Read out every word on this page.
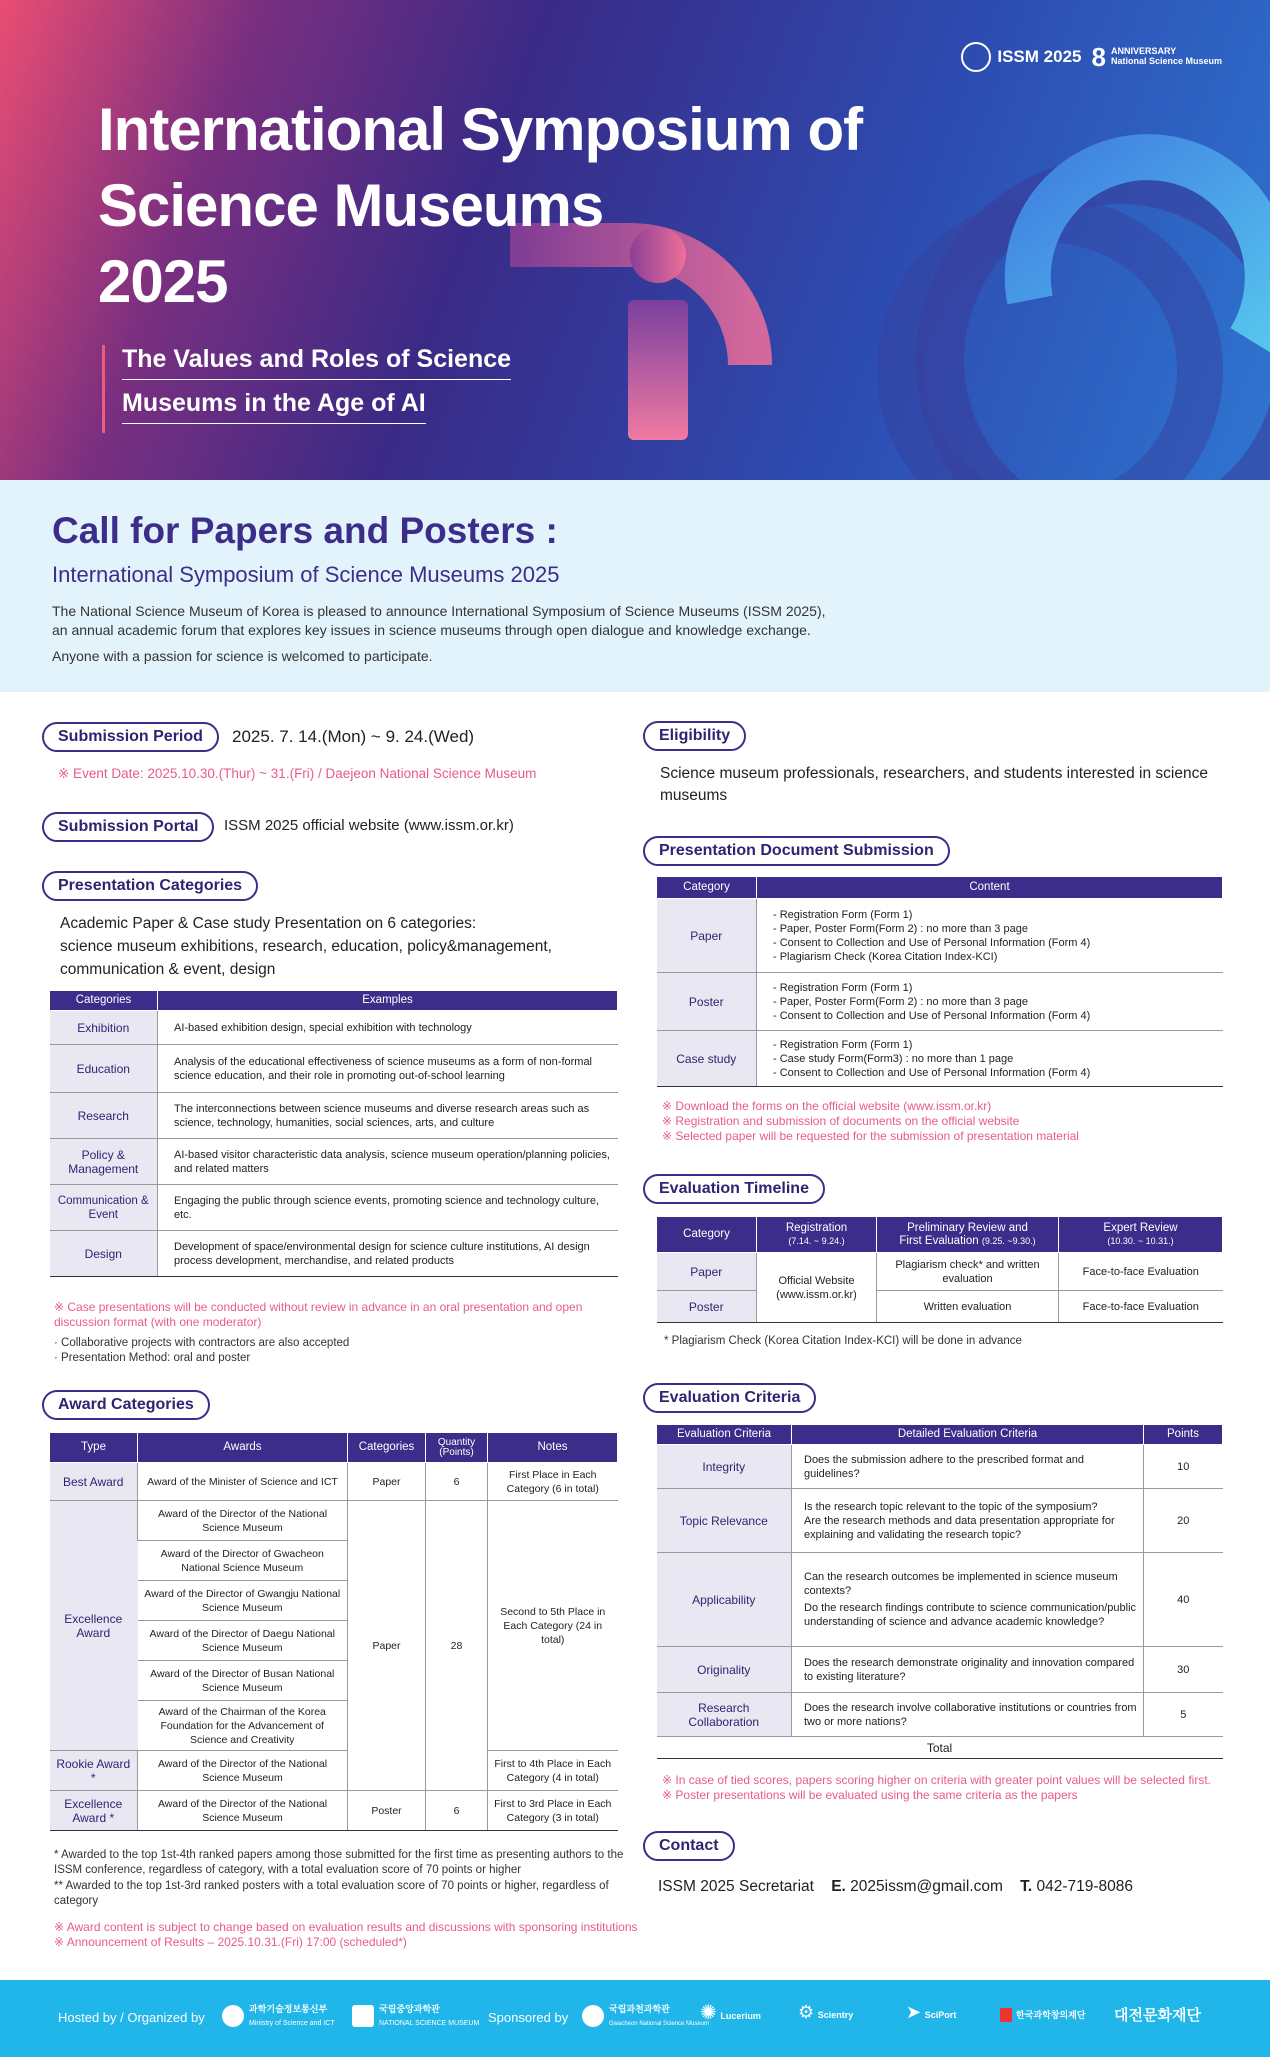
ISSM 2025 8 ANNIVERSARY
National Science Museum
International Symposium of
Science Museums
2025
The Values and Roles of Science
Museums in the Age of AI
Call for Papers and Posters :
International Symposium of Science Museums 2025

The National Science Museum of Korea is pleased to announce International Symposium of Science Museums (ISSM 2025),
an annual academic forum that explores key issues in science museums through open dialogue and knowledge exchange.

Anyone with a passion for science is welcomed to participate.

Submission Period	2025. 7. 14.(Mon) ~ 9. 24.(Wed)
※ Event Date: 2025.10.30.(Thur) ~ 31.(Fri) / Daejeon National Science Museum
Submission Portal	ISSM 2025 official website (www.issm.or.kr)
Presentation Categories
Academic Paper & Case study Presentation on 6 categories:
science museum exhibitions, research, education, policy&management,
communication & event, design
Categories	Examples
Exhibition	AI-based exhibition design, special exhibition with technology
Education	Analysis of the educational effectiveness of science museums as a form of non-formal science education, and their role in promoting out-of-school learning
Research	The interconnections between science museums and diverse research areas such as science, technology, humanities, social sciences, arts, and culture
Policy & Management	AI-based visitor characteristic data analysis, science museum operation/planning policies, and related matters
Communication & Event	Engaging the public through science events, promoting science and technology culture, etc.
Design	Development of space/environmental design for science culture institutions, AI design process development, merchandise, and related products
※ Case presentations will be conducted without review in advance in an oral presentation and open discussion format (with one moderator)
· Collaborative projects with contractors are also accepted
· Presentation Method: oral and poster
Award Categories
Type	Awards	Categories	Quantity
(Points)	Notes
Best Award	Award of the Minister of Science and ICT	Paper	6	First Place in Each Category (6 in total)
Excellence Award	Award of the Director of the National Science Museum	Paper	28	Second to 5th Place in Each Category (24 in total)
	Award of the Director of Gwacheon National Science Museum			
	Award of the Director of Gwangju National Science Museum			
	Award of the Director of Daegu National Science Museum			
	Award of the Director of Busan National Science Museum			
	Award of the Chairman of the Korea Foundation for the Advancement of Science and Creativity			
Rookie Award *	Award of the Director of the National Science Museum			First to 4th Place in Each Category (4 in total)
Excellence Award *	Award of the Director of the National Science Museum	Poster	6	First to 3rd Place in Each Category (3 in total)
* Awarded to the top 1st-4th ranked papers among those submitted for the first time as presenting authors to the ISSM conference, regardless of category, with a total evaluation score of 70 points or higher
** Awarded to the top 1st-3rd ranked posters with a total evaluation score of 70 points or higher, regardless of category
※ Award content is subject to change based on evaluation results and discussions with sponsoring institutions
※ Announcement of Results – 2025.10.31.(Fri) 17:00 (scheduled*)
Eligibility
Science museum professionals, researchers, and students interested in science museums
Presentation Document Submission
Category	Content
Paper	- Registration Form (Form 1)
- Paper, Poster Form(Form 2) : no more than 3 page
- Consent to Collection and Use of Personal Information (Form 4)
- Plagiarism Check (Korea Citation Index-KCI)

Poster	- Registration Form (Form 1)
- Paper, Poster Form(Form 2) : no more than 3 page
- Consent to Collection and Use of Personal Information (Form 4)

Case study	- Registration Form (Form 1)
- Case study Form(Form3) : no more than 1 page
- Consent to Collection and Use of Personal Information (Form 4)
※ Download the forms on the official website (www.issm.or.kr)
※ Registration and submission of documents on the official website
※ Selected paper will be requested for the submission of presentation material
Evaluation Timeline
Category	Registration
(7.14. ~ 9.24.)	Preliminary Review and
First Evaluation (9.25. ~9.30.)	Expert Review
(10.30. ~ 10.31.)
Paper	Official Website (www.issm.or.kr)	Plagiarism check* and written evaluation	Face-to-face Evaluation
Poster		Written evaluation	Face-to-face Evaluation
* Plagiarism Check (Korea Citation Index-KCI) will be done in advance
Evaluation Criteria
Evaluation Criteria	Detailed Evaluation Criteria	Points
Integrity	Does the submission adhere to the prescribed format and guidelines?	10
Topic Relevance	Is the research topic relevant to the topic of the symposium?
Are the research methods and data presentation appropriate for explaining and validating the research topic?	20
Applicability	Can the research outcomes be implemented in science museum contexts?
Do the research findings contribute to science communication/public understanding of science and advance academic knowledge?	40
Originality	Does the research demonstrate originality and innovation compared to existing literature?	30
Research Collaboration	Does the research involve collaborative institutions or countries from two or more nations?	5
Total		
※ In case of tied scores, papers scoring higher on criteria with greater point values will be selected first.
※ Poster presentations will be evaluated using the same criteria as the papers
Contact
ISSM 2025 Secretariat E. 2025issm@gmail.com T. 042-719-8086
Hosted by / Organized by
과학기술정보통신부
Ministry of Science and ICT
국립중앙과학관
NATIONAL SCIENCE MUSEUM Sponsored by
국립과천과학관
Gwacheon National Science Museum
✺ Lucerium ⚙ Scientry	➤ SciPort	한국과학창의재단 대전문화재단
